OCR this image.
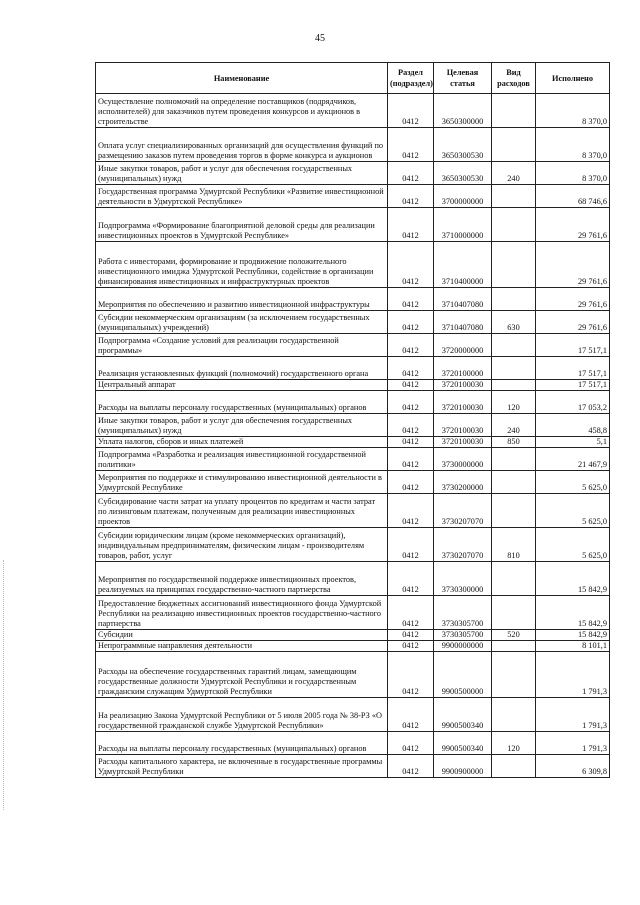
45
Наименование	Раздел (подраздел)	Целевая статья	Вид расходов	Исполнено
Осуществление полномочий на определение поставщиков (подрядчиков, исполнителей) для заказчиков путем проведения конкурсов и аукционов в строительстве	0412	3650300000		8 370,0
Оплата услуг специализированных организаций для осуществления функций по размещению заказов путем проведения торгов в форме конкурса и аукционов	0412	3650300530		8 370,0
Иные закупки товаров, работ и услуг для обеспечения государственных (муниципальных) нужд	0412	3650300530	240	8 370,0
Государственная программа Удмуртской Республики «Развитие инвестиционной деятельности в Удмуртской Республике»	0412	3700000000		68 746,6
Подпрограмма «Формирование благоприятной деловой среды для реализации инвестиционных проектов в Удмуртской Республике»	0412	3710000000		29 761,6
Работа с инвесторами, формирование и продвижение положительного инвестиционного имиджа Удмуртской Республики, содействие в организации финансирования инвестиционных и инфраструктурных проектов	0412	3710400000		29 761,6
Мероприятия по обеспечению и развитию инвестиционной инфраструктуры	0412	3710407080		29 761,6
Субсидии некоммерческим организациям (за исключением государственных (муниципальных) учреждений)	0412	3710407080	630	29 761,6
Подпрограмма «Создание условий для реализации государственной программы»	0412	3720000000		17 517,1
Реализация установленных функций (полномочий) государственного органа	0412	3720100000		17 517,1
Центральный аппарат	0412	3720100030		17 517,1
Расходы на выплаты персоналу государственных (муниципальных) органов	0412	3720100030	120	17 053,2
Иные закупки товаров, работ и услуг для обеспечения государственных (муниципальных) нужд	0412	3720100030	240	458,8
Уплата налогов, сборов и иных платежей	0412	3720100030	850	5,1
Подпрограмма «Разработка и реализация инвестиционной государственной политики»	0412	3730000000		21 467,9
Мероприятия по поддержке и стимулированию инвестиционной деятельности в Удмуртской Республике	0412	3730200000		5 625,0
Субсидирование части затрат на уплату процентов по кредитам и части затрат по лизинговым платежам, полученным для реализации инвестиционных проектов	0412	3730207070		5 625,0
Субсидии юридическим лицам (кроме некоммерческих организаций), индивидуальным предпринимателям, физическим лицам - производителям товаров, работ, услуг	0412	3730207070	810	5 625,0
Мероприятия по государственной поддержке инвестиционных проектов, реализуемых на принципах государственно-частного партнерства	0412	3730300000		15 842,9
Предоставление бюджетных ассигнований инвестиционного фонда Удмуртской Республики на реализацию инвестиционных проектов государственно-частного партнерства	0412	3730305700		15 842,9
Субсидии	0412	3730305700	520	15 842,9
Непрограммные направления деятельности	0412	9900000000		8 101,1
Расходы на обеспечение государственных гарантий лицам, замещающим государственные должности Удмуртской Республики и государственным гражданским служащим Удмуртской Республики	0412	9900500000		1 791,3
На реализацию Закона Удмуртской Республики от 5 июля 2005 года № 38-РЗ «О государственной гражданской службе Удмуртской Республики»	0412	9900500340		1 791,3
Расходы на выплаты персоналу государственных (муниципальных) органов	0412	9900500340	120	1 791,3
Расходы капитального характера, не включенные в государственные программы Удмуртской Республики	0412	9900900000		6 309,8
